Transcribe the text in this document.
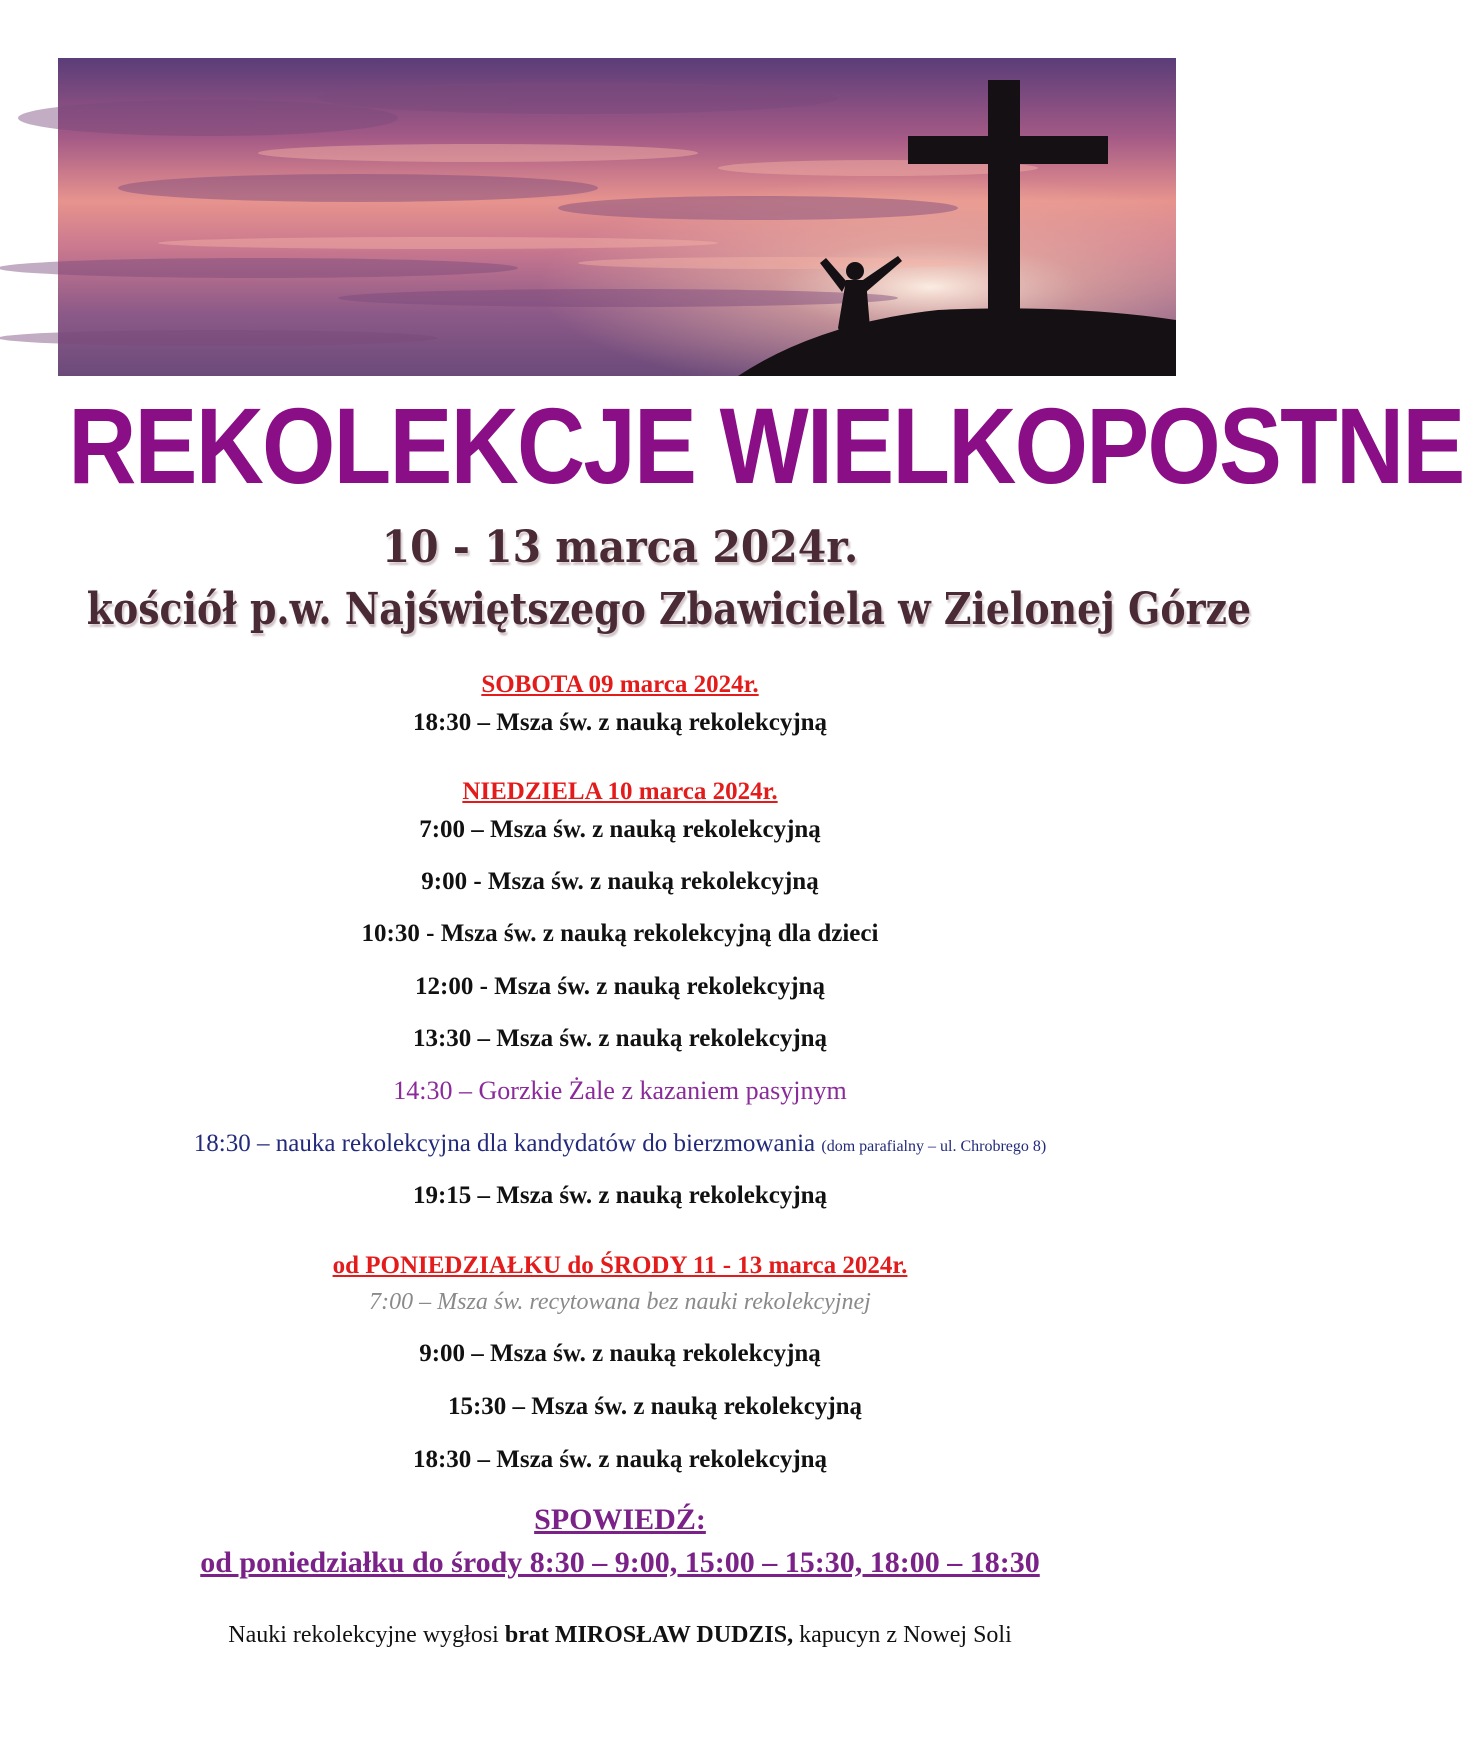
REKOLEKCJE WIELKOPOSTNE
10 - 13 marca 2024r.
kościół p.w. Najświętszego Zbawiciela w Zielonej Górze
SOBOTA 09 marca 2024r.
18:30 – Msza św. z nauką rekolekcyjną
NIEDZIELA 10 marca 2024r.
7:00 – Msza św. z nauką rekolekcyjną
9:00 - Msza św. z nauką rekolekcyjną
10:30 - Msza św. z nauką rekolekcyjną dla dzieci
12:00 - Msza św. z nauką rekolekcyjną
13:30 – Msza św. z nauką rekolekcyjną
14:30 – Gorzkie Żale z kazaniem pasyjnym
18:30 – nauka rekolekcyjna dla kandydatów do bierzmowania (dom parafialny – ul. Chrobrego 8)
19:15 – Msza św. z nauką rekolekcyjną
od PONIEDZIAŁKU do ŚRODY 11 - 13 marca 2024r.
7:00 – Msza św. recytowana bez nauki rekolekcyjnej
9:00 – Msza św. z nauką rekolekcyjną
15:30 – Msza św. z nauką rekolekcyjną
18:30 – Msza św. z nauką rekolekcyjną
SPOWIEDŹ:
od poniedziałku do środy 8:30 – 9:00, 15:00 – 15:30, 18:00 – 18:30
Nauki rekolekcyjne wygłosi brat MIROSŁAW DUDZIS, kapucyn z Nowej Soli
